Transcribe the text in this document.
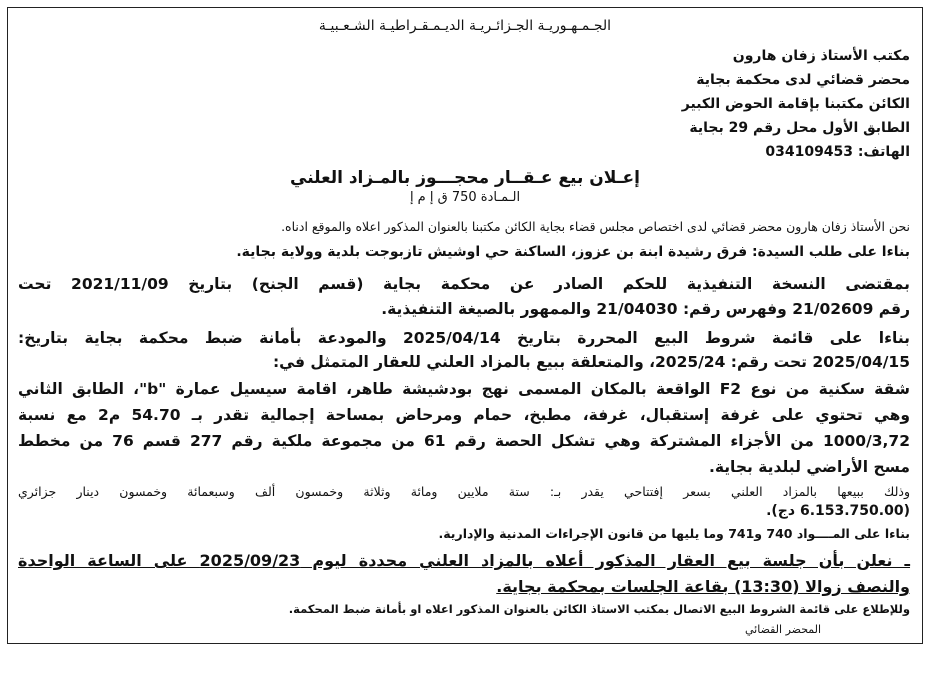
الجـمـهـوريـة الجـزائـريـة الديـمـقـراطيـة الشـعـبيـة
مكتب الأستاذ زفان هارون
محضر قضائي لدى محكمة بجاية
الكائن مكتبنا بإقامة الحوض الكبير
الطابق الأول محل رقم 29 بجاية
الهاتف: 034109453
إعـلان بيع عـقــار محجـــوز بالمـزاد العلني
الـمـادة 750 ق إ م إ
نحن الأستاذ زفان هارون محضر قضائي لدى اختصاص مجلس قضاء بجاية الكائن مكتبنا بالعنوان المذكور اعلاه والموقع ادناه.
بناءا على طلب السيدة: فرق رشيدة ابنة بن عزوز، الساكنة حي اوشيش تازبوجت بلدية وولاية بجاية.
بمقتضى النسخة التنفيذية للحكم الصادر عن محكمة بجاية (قسم الجنح) بتاريخ 2021/11/09 تحت
رقم 21/02609 وفهرس رقم: 21/04030 والممهور بالصيغة التنفيذية.
بناءا على قائمة شروط البيع المحررة بتاريخ 2025/04/14 والمودعة بأمانة ضبط محكمة بجاية بتاريخ:
2025/04/15 تحت رقم: 2025/24، والمتعلقة ببيع بالمزاد العلني للعقار المتمثل في:
شقة سكنية من نوع F2 الواقعة بالمكان المسمى نهج بودشيشة طاهر، اقامة سيسيل عمارة "b"، الطابق الثاني
وهي تحتوي على غرفة إستقبال، غرفة، مطبخ، حمام ومرحاض بمساحة إجمالية تقدر بـ 54.70 م2 مع نسبة
1000/3,72 من الأجزاء المشتركة وهي تشكل الحصة رقم 61 من مجموعة ملكية رقم 277 قسم 76 من مخطط
مسح الأراضي لبلدية بجاية.
وذلك ببيعها بالمزاد العلني بسعر إفتتاحي يقدر بـ: ستة ملايين ومائة وثلاثة وخمسون ألف وسبعمائة وخمسون دينار جزائري
(6.153.750.00 دج).
بناءا على المــــواد 740 و741 وما يليها من قانون الإجراءات المدنية والإدارية.
ـ نعلن بأن جلسة بيع العقار المذكور أعلاه بالمزاد العلني محددة ليوم 2025/09/23 على الساعة الواحدة
والنصف زوالا (13:30) بقاعة الجلسات بمحكمة بجاية.
وللإطلاع على قائمة الشروط البيع الاتصال بمكتب الاستاذ الكائن بالعنوان المذكور اعلاه او بأمانة ضبط المحكمة.
المحضر القضائي
